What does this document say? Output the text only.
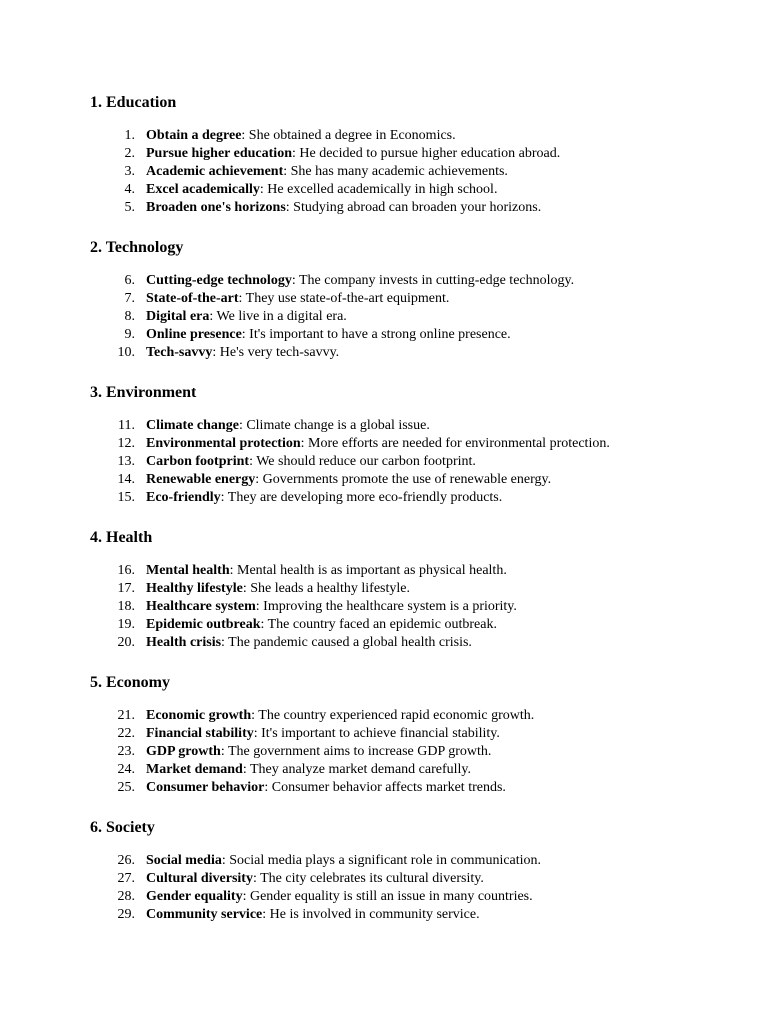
1. Education
1. Obtain a degree: She obtained a degree in Economics.
2. Pursue higher education: He decided to pursue higher education abroad.
3. Academic achievement: She has many academic achievements.
4. Excel academically: He excelled academically in high school.
5. Broaden one's horizons: Studying abroad can broaden your horizons.
2. Technology
6. Cutting-edge technology: The company invests in cutting-edge technology.
7. State-of-the-art: They use state-of-the-art equipment.
8. Digital era: We live in a digital era.
9. Online presence: It's important to have a strong online presence.
10. Tech-savvy: He's very tech-savvy.
3. Environment
11. Climate change: Climate change is a global issue.
12. Environmental protection: More efforts are needed for environmental protection.
13. Carbon footprint: We should reduce our carbon footprint.
14. Renewable energy: Governments promote the use of renewable energy.
15. Eco-friendly: They are developing more eco-friendly products.
4. Health
16. Mental health: Mental health is as important as physical health.
17. Healthy lifestyle: She leads a healthy lifestyle.
18. Healthcare system: Improving the healthcare system is a priority.
19. Epidemic outbreak: The country faced an epidemic outbreak.
20. Health crisis: The pandemic caused a global health crisis.
5. Economy
21. Economic growth: The country experienced rapid economic growth.
22. Financial stability: It's important to achieve financial stability.
23. GDP growth: The government aims to increase GDP growth.
24. Market demand: They analyze market demand carefully.
25. Consumer behavior: Consumer behavior affects market trends.
6. Society
26. Social media: Social media plays a significant role in communication.
27. Cultural diversity: The city celebrates its cultural diversity.
28. Gender equality: Gender equality is still an issue in many countries.
29. Community service: He is involved in community service.
